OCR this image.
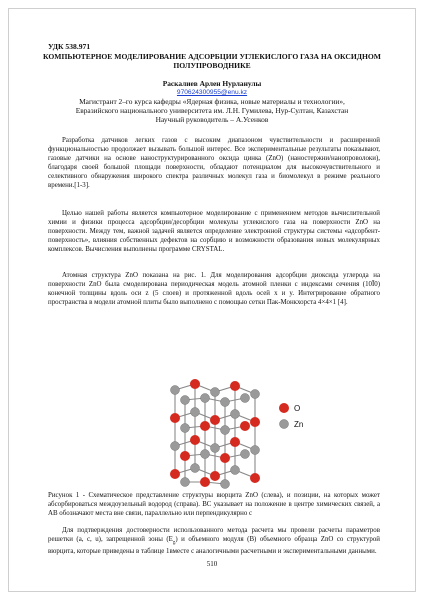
УДК 538.971
КОМПЬЮТЕРНОЕ МОДЕЛИРОВАНИЕ АДСОРБЦИИ УГЛЕКИСЛОГО ГАЗА НА ОКСИДНОМ ПОЛУПРОВОДНИКЕ
Раскалиев Арлен Нурланулы
970624300955@enu.kz
Магистрант 2–го курса кафедры «Ядерная физика, новые материалы и технологии»,
Евразийского национального университета им. Л.Н. Гумилева, Нур-Султан, Казахстан
Научный руководитель – А.Усенков

Разработка датчиков легких газов с высоким диапазоном чувствительности и расширенной функциональностью продолжает вызывать большой интерес. Все экспериментальные результаты показывают, газовые датчики на основе наноструктурированного оксида цинка (ZnO) (наностержни/нанопроволоки), благодаря своей большой площади поверхности, обладают потенциалом для высокочувствительного и селективного обнаружения широкого спектра различных молекул газа и биомолекул в режиме реального времени.[1-3].

Целью нашей работы является компьютерное моделирование с применением методов вычислительной химии и физики процесса адсорбции/десорбции молекулы углекислого газа на поверхности ZnO на поверхности. Между тем, важной задачей является определение электронной структуры системы «адсорбент-поверхность», влияния собственных дефектов на сорбцию и возможности образования новых молекулярных комплексов. Вычисления выполнены программе CRYSTAL.

Атомная структура ZnO показана на рис. 1. Для моделирования адсорбции диоксида углерода на поверхности ZnO была смоделирована периодическая модель атомной пленки с индексами сечения (10Ī0) конечной толщины вдоль оси z (5 слоев) и протяженной вдоль осей x и y. Интегрирование обратного пространства в модели атомной плиты было выполнено с помощью сетки Пак-Монкхорста 4×4×1 [4].

O
Zn

Рисунок 1 - Схематическое представление структуры вюрцита ZnO (слева), и позиции, на которых может абсорбироваться междоузельный водород (справа). ВС указывает на положение в центре химических связей, а AB обозначают места вне связи, параллельно или перпендикулярно c

Для подтверждения достоверности использованного метода расчета мы провели расчеты параметров решетки (a, c, u), запрещенной зоны $(E_g)$ и объемного модуля (B) объемного образца ZnO со структурой вюрцита, которые приведены в таблице 1вместе с аналогичными расчетными и экспериментальными данными.

510
